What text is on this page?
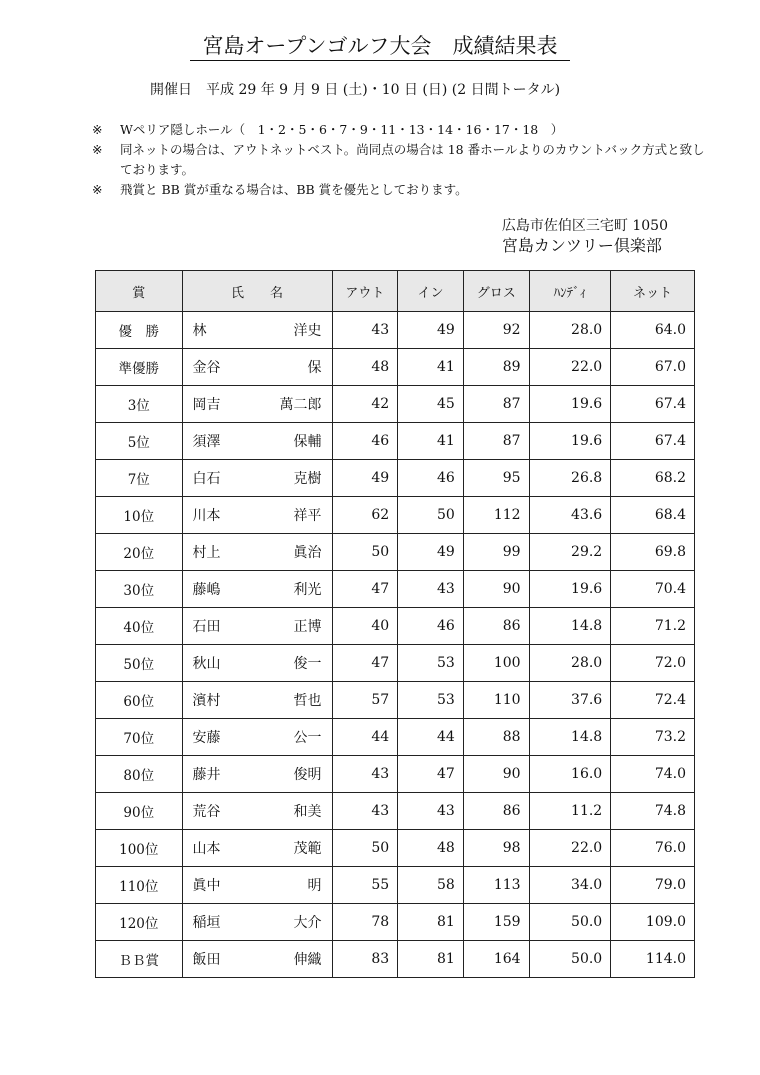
宮島オープンゴルフ大会　成績結果表
開催日　平成 29 年 9 月 9 日 (土)・10 日 (日) (2 日間トータル)
※	Wペリア隠しホール（　1・2・5・6・7・9・11・13・14・16・17・18　）
※	同ネットの場合は、アウトネットベスト。尚同点の場合は 18 番ホールよりのカウントバック方式と致しております。
※	飛賞と BB 賞が重なる場合は、BB 賞を優先としております。
広島市佐伯区三宅町 1050
宮島カンツリー倶楽部
賞	氏　　名	アウト	イン	グロス	ﾊﾝﾃﾞｨ	ネット
優　勝	林 洋史	43	49	92	28.0	64.0
準優勝	金谷 保	48	41	89	22.0	67.0
3位	岡吉 萬二郎	42	45	87	19.6	67.4
5位	須澤 保輔	46	41	87	19.6	67.4
7位	白石 克樹	49	46	95	26.8	68.2
10位	川本 祥平	62	50	112	43.6	68.4
20位	村上 眞治	50	49	99	29.2	69.8
30位	藤嶋 利光	47	43	90	19.6	70.4
40位	石田 正博	40	46	86	14.8	71.2
50位	秋山 俊一	47	53	100	28.0	72.0
60位	濱村 哲也	57	53	110	37.6	72.4
70位	安藤 公一	44	44	88	14.8	73.2
80位	藤井 俊明	43	47	90	16.0	74.0
90位	荒谷 和美	43	43	86	11.2	74.8
100位	山本 茂範	50	48	98	22.0	76.0
110位	眞中 明	55	58	113	34.0	79.0
120位	稲垣 大介	78	81	159	50.0	109.0
ＢＢ賞	飯田 伸織	83	81	164	50.0	114.0
